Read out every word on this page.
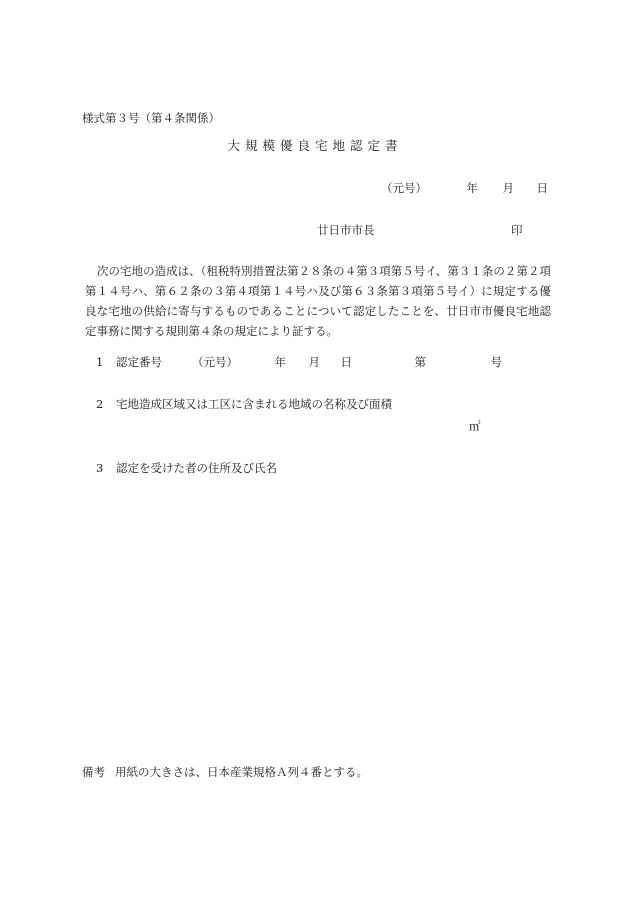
様式第３号（第４条関係）
大規模優良宅地認定書
（元号）	年 月 日
廿日市市長	印
次の宅地の造成は、（租税特別措置法第２８条の４第３項第５号イ、第３１条の２第２項第１４号ハ、第６２条の３第４項第１４号ハ及び第６３条第３項第５号イ）に規定する優良な宅地の供給に寄与するものであることについて認定したことを、廿日市市優良宅地認定事務に関する規則第４条の規定により証する。
1 認定番号	（元号）	年 月 日	第	号
2 宅地造成区域又は工区に含まれる地域の名称及び面積
㎡
3 認定を受けた者の住所及び氏名
備考 用紙の大きさは、日本産業規格Ａ列４番とする。
